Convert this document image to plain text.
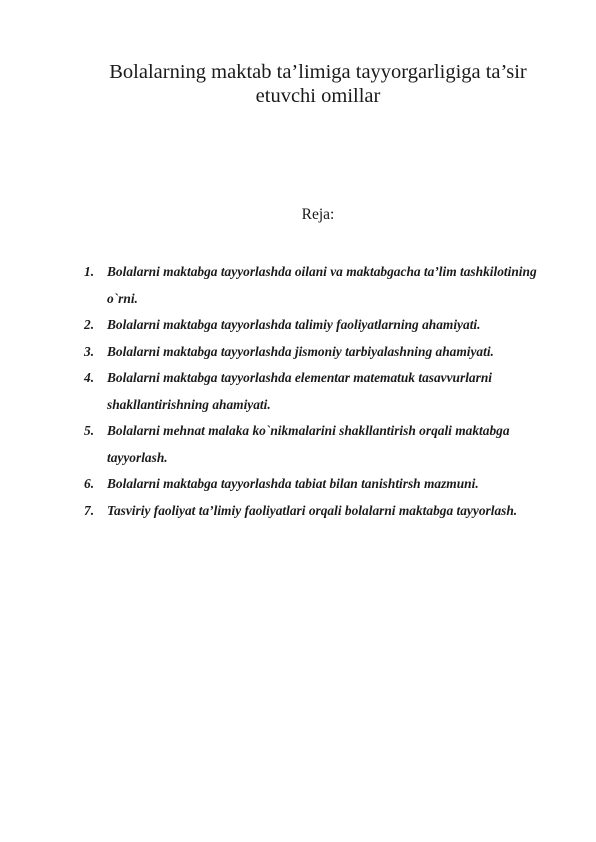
Bolalarning maktab ta’limiga tayyorgarligiga ta’sir etuvchi omillar

Reja:

1. Bolalarni maktabga tayyorlashda oilani va maktabgacha ta’lim tashkilotining o`rni.
2. Bolalarni maktabga tayyorlashda talimiy faoliyatlarning ahamiyati.
3. Bolalarni maktabga tayyorlashda jismoniy tarbiyalashning ahamiyati.
4. Bolalarni maktabga tayyorlashda elementar matematuk tasavvurlarni shakllantirishning ahamiyati.
5. Bolalarni mehnat malaka ko`nikmalarini shakllantirish orqali maktabga tayyorlash.
6. Bolalarni maktabga tayyorlashda tabiat bilan tanishtirsh mazmuni.
7. Tasviriy faoliyat ta’limiy faoliyatlari orqali bolalarni maktabga tayyorlash.
